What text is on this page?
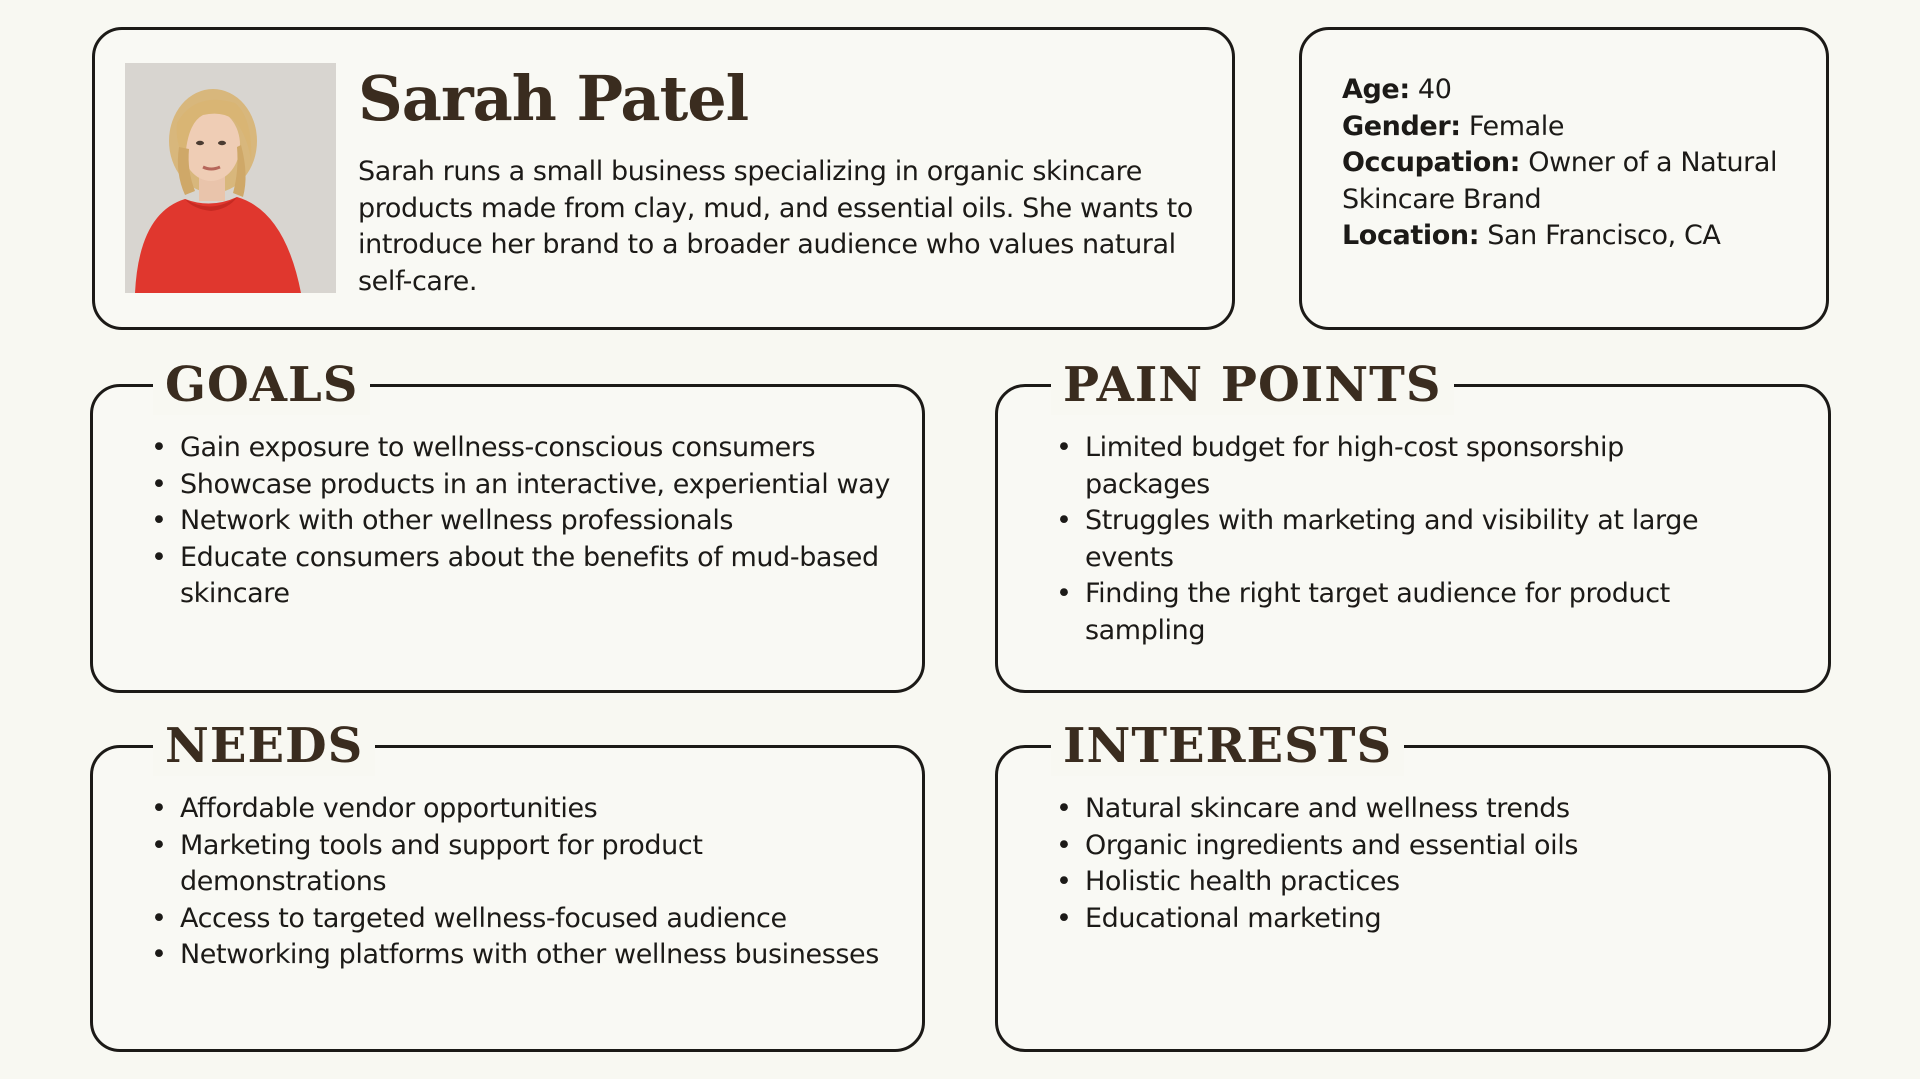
Sarah Patel

Sarah runs a small business specializing in organic skincare products made from clay, mud, and essential oils. She wants to introduce her brand to a broader audience who values natural self-care.

Age: 40
Gender: Female
Occupation: Owner of a Natural Skincare Brand
Location: San Francisco, CA
GOALS
• Gain exposure to wellness-conscious consumers
• Showcase products in an interactive, experiential way
• Network with other wellness professionals
• Educate consumers about the benefits of mud-based skincare
PAIN POINTS
• Limited budget for high-cost sponsorship packages
• Struggles with marketing and visibility at large events
• Finding the right target audience for product sampling
NEEDS
• Affordable vendor opportunities
• Marketing tools and support for product demonstrations
• Access to targeted wellness-focused audience
• Networking platforms with other wellness businesses
INTERESTS
• Natural skincare and wellness trends
• Organic ingredients and essential oils
• Holistic health practices
• Educational marketing
